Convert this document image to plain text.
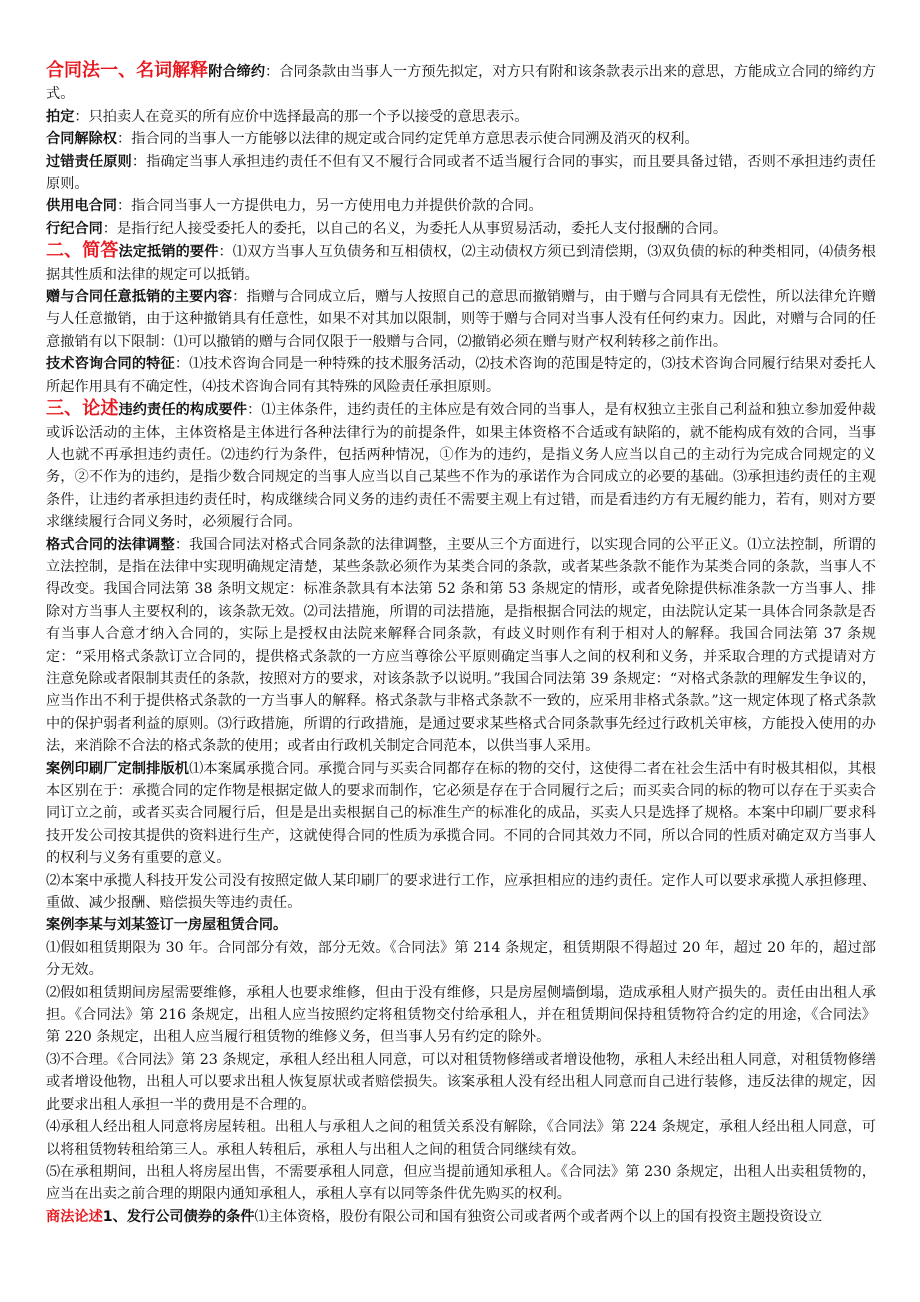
合同法一、名词解释附合缔约：合同条款由当事人一方预先拟定，对方只有附和该条款表示出来的意思，方能成立合同的缔约方式。

拍定：只拍卖人在竞买的所有应价中选择最高的那一个予以接受的意思表示。

合同解除权：指合同的当事人一方能够以法律的规定或合同约定凭单方意思表示使合同溯及消灭的权利。

过错责任原则：指确定当事人承担违约责任不但有又不履行合同或者不适当履行合同的事实，而且要具备过错，否则不承担违约责任原则。

供用电合同：指合同当事人一方提供电力，另一方使用电力并提供价款的合同。

行纪合同：是指行纪人接受委托人的委托，以自己的名义，为委托人从事贸易活动，委托人支付报酬的合同。

二、简答法定抵销的要件：⑴双方当事人互负债务和互相债权，⑵主动债权方须已到清偿期，⑶双负债的标的种类相同，⑷债务根据其性质和法律的规定可以抵销。

赠与合同任意抵销的主要内容：指赠与合同成立后，赠与人按照自己的意思而撤销赠与，由于赠与合同具有无偿性，所以法律允许赠与人任意撤销，由于这种撤销具有任意性，如果不对其加以限制，则等于赠与合同对当事人没有任何约束力。因此，对赠与合同的任意撤销有以下限制：⑴可以撤销的赠与合同仅限于一般赠与合同，⑵撤销必须在赠与财产权利转移之前作出。

技术咨询合同的特征：⑴技术咨询合同是一种特殊的技术服务活动，⑵技术咨询的范围是特定的，⑶技术咨询合同履行结果对委托人所起作用具有不确定性，⑷技术咨询合同有其特殊的风险责任承担原则。

三、论述违约责任的构成要件：⑴主体条件，违约责任的主体应是有效合同的当事人，是有权独立主张自己利益和独立参加爱仲裁或诉讼活动的主体，主体资格是主体进行各种法律行为的前提条件，如果主体资格不合适或有缺陷的，就不能构成有效的合同，当事人也就不再承担违约责任。⑵违约行为条件，包括两种情况，①作为的违约，是指义务人应当以自己的主动行为完成合同规定的义务，②不作为的违约，是指少数合同规定的当事人应当以自己某些不作为的承诺作为合同成立的必要的基础。⑶承担违约责任的主观条件，让违约者承担违约责任时，构成继续合同义务的违约责任不需要主观上有过错，而是看违约方有无履约能力，若有，则对方要求继续履行合同义务时，必须履行合同。

格式合同的法律调整：我国合同法对格式合同条款的法律调整，主要从三个方面进行，以实现合同的公平正义。⑴立法控制，所谓的立法控制，是指在法律中实现明确规定清楚，某些条款必须作为某类合同的条款，或者某些条款不能作为某类合同的条款，当事人不得改变。我国合同法第 38 条明文规定：标准条款具有本法第 52 条和第 53 条规定的情形，或者免除提供标准条款一方当事人、排除对方当事人主要权利的，该条款无效。⑵司法措施，所谓的司法措施，是指根据合同法的规定，由法院认定某一具体合同条款是否有当事人合意才纳入合同的，实际上是授权由法院来解释合同条款，有歧义时则作有利于相对人的解释。我国合同法第 37 条规定：“采用格式条款订立合同的，提供格式条款的一方应当尊徐公平原则确定当事人之间的权利和义务，并采取合理的方式提请对方注意免除或者限制其责任的条款，按照对方的要求，对该条款予以说明。”我国合同法第 39 条规定：“对格式条款的理解发生争议的，应当作出不利于提供格式条款的一方当事人的解释。格式条款与非格式条款不一致的，应采用非格式条款。”这一规定体现了格式条款中的保护弱者利益的原则。⑶行政措施，所谓的行政措施，是通过要求某些格式合同条款事先经过行政机关审核，方能投入使用的办法，来消除不合法的格式条款的使用；或者由行政机关制定合同范本，以供当事人采用。

案例印刷厂定制排版机⑴本案属承揽合同。承揽合同与买卖合同都存在标的物的交付，这使得二者在社会生活中有时极其相似，其根本区别在于：承揽合同的定作物是根据定做人的要求而制作，它必须是存在于合同履行之后；而买卖合同的标的物可以存在于买卖合同订立之前，或者买卖合同履行后，但是是出卖根据自己的标准生产的标准化的成品，买卖人只是选择了规格。本案中印刷厂要求科技开发公司按其提供的资料进行生产，这就使得合同的性质为承揽合同。不同的合同其效力不同，所以合同的性质对确定双方当事人的权利与义务有重要的意义。

⑵本案中承揽人科技开发公司没有按照定做人某印刷厂的要求进行工作，应承担相应的违约责任。定作人可以要求承揽人承担修理、重做、减少报酬、赔偿损失等违约责任。

案例李某与刘某签订一房屋租赁合同。

⑴假如租赁期限为 30 年。合同部分有效，部分无效。《合同法》第 214 条规定，租赁期限不得超过 20 年，超过 20 年的，超过部分无效。

⑵假如租赁期间房屋需要维修，承租人也要求维修，但由于没有维修，只是房屋侧墙倒塌，造成承租人财产损失的。责任由出租人承担。《合同法》第 216 条规定，出租人应当按照约定将租赁物交付给承租人，并在租赁期间保持租赁物符合约定的用途，《合同法》第 220 条规定，出租人应当履行租赁物的维修义务，但当事人另有约定的除外。

⑶不合理。《合同法》第 23 条规定，承租人经出租人同意，可以对租赁物修缮或者增设他物，承租人未经出租人同意，对租赁物修缮或者增设他物，出租人可以要求出租人恢复原状或者赔偿损失。该案承租人没有经出租人同意而自己进行装修，违反法律的规定，因此要求出租人承担一半的费用是不合理的。

⑷承租人经出租人同意将房屋转租。出租人与承租人之间的租赁关系没有解除，《合同法》第 224 条规定，承租人经出租人同意，可以将租赁物转租给第三人。承租人转租后，承租人与出租人之间的租赁合同继续有效。

⑸在承租期间，出租人将房屋出售，不需要承租人同意，但应当提前通知承租人。《合同法》第 230 条规定，出租人出卖租赁物的，应当在出卖之前合理的期限内通知承租人，承租人享有以同等条件优先购买的权利。

商法论述1、发行公司债券的条件⑴主体资格，股份有限公司和国有独资公司或者两个或者两个以上的国有投资主题投资设立
